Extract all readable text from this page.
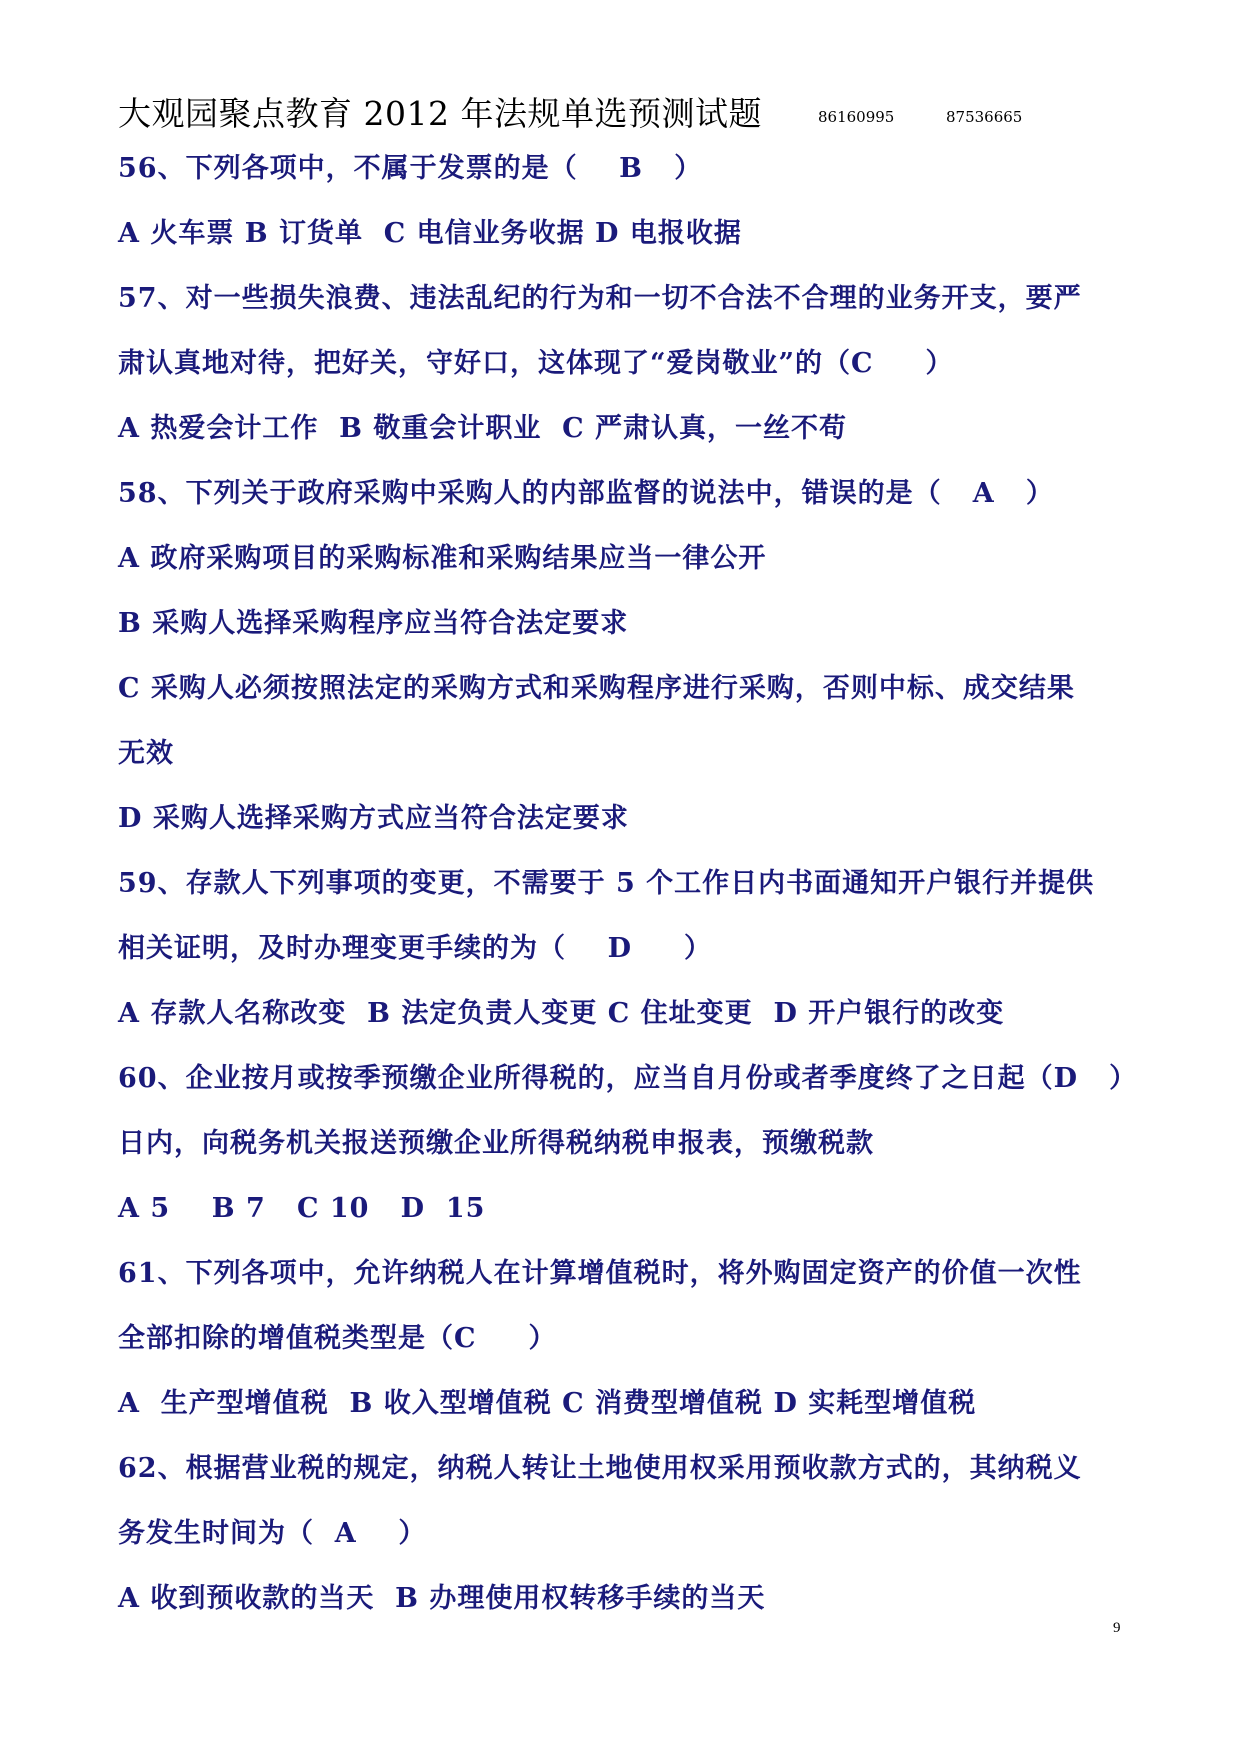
大观园聚点教育 2012 年法规单选预测试题	86160995	87536665
56、下列各项中，不属于发票的是（    B   ）
A 火车票 B 订货单  C 电信业务收据 D 电报收据
57、对一些损失浪费、违法乱纪的行为和一切不合法不合理的业务开支，要严
肃认真地对待，把好关，守好口，这体现了“爱岗敬业”的（C     ）
A 热爱会计工作  B 敬重会计职业  C 严肃认真，一丝不苟
58、下列关于政府采购中采购人的内部监督的说法中，错误的是（   A   ）
A 政府采购项目的采购标准和采购结果应当一律公开
B 采购人选择采购程序应当符合法定要求
C 采购人必须按照法定的采购方式和采购程序进行采购，否则中标、成交结果
无效
D 采购人选择采购方式应当符合法定要求
59、存款人下列事项的变更，不需要于 5 个工作日内书面通知开户银行并提供
相关证明，及时办理变更手续的为（    D     ）
A 存款人名称改变  B 法定负责人变更 C 住址变更  D 开户银行的改变
60、企业按月或按季预缴企业所得税的，应当自月份或者季度终了之日起（D   ）
日内，向税务机关报送预缴企业所得税纳税申报表，预缴税款
A 5    B 7   C 10   D  15
61、下列各项中，允许纳税人在计算增值税时，将外购固定资产的价值一次性
全部扣除的增值税类型是（C     ）
A  生产型增值税  B 收入型增值税 C 消费型增值税 D 实耗型增值税
62、根据营业税的规定，纳税人转让土地使用权采用预收款方式的，其纳税义
务发生时间为（  A    ）
A 收到预收款的当天  B 办理使用权转移手续的当天
9
